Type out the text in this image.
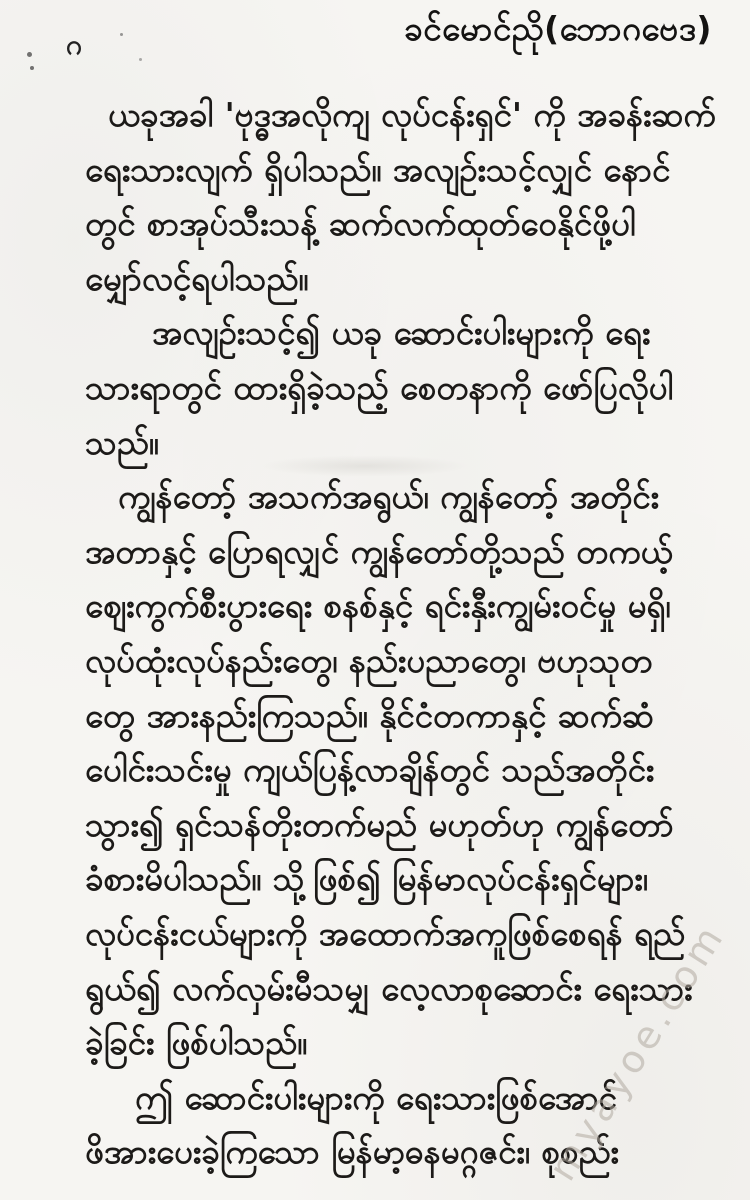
ဂ	ခင်မောင်ညို(ဘောဂဗေဒ)
ယခုအခါ 'ဗုဒ္ဓအလိုကျ လုပ်ငန်းရှင်' ကို အခန်းဆက်
ရေးသားလျက် ရှိပါသည်။ အလျဉ်းသင့်လျှင် နောင်
တွင် စာအုပ်သီးသန့် ဆက်လက်ထုတ်ဝေနိုင်ဖို့ပါ
မျှော်လင့်ရပါသည်။
အလျဉ်းသင့်၍ ယခု ဆောင်းပါးများကို ရေး
သားရာတွင် ထားရှိခဲ့သည့် စေတနာကို ဖော်ပြလိုပါ
သည်။
ကျွန်တော့် အသက်အရွယ်၊ ကျွန်တော့် အတိုင်း
အတာနှင့် ပြောရလျှင် ကျွန်တော်တို့သည် တကယ့်
ဈေးကွက်စီးပွားရေး စနစ်နှင့် ရင်းနှီးကျွမ်းဝင်မှု မရှိ၊
လုပ်ထုံးလုပ်နည်းတွေ၊ နည်းပညာတွေ၊ ဗဟုသုတ
တွေ အားနည်းကြသည်။ နိုင်ငံတကာနှင့် ဆက်ဆံ
ပေါင်းသင်းမှု ကျယ်ပြန့်လာချိန်တွင် သည်အတိုင်း
သွား၍ ရှင်သန်တိုးတက်မည် မဟုတ်ဟု ကျွန်တော်
ခံစားမိပါသည်။ သို့ဖြစ်၍ မြန်မာလုပ်ငန်းရှင်များ၊
လုပ်ငန်းငယ်များကို အထောက်အကူဖြစ်စေရန် ရည်
ရွယ်၍ လက်လှမ်းမီသမျှ လေ့လာစုဆောင်း ရေးသား
ခဲ့ခြင်း ဖြစ်ပါသည်။
ဤ ဆောင်းပါးများကို ရေးသားဖြစ်အောင်
ဖိအားပေးခဲ့ကြသော မြန်မာ့ဓနမဂ္ဂဇင်း၊ စုစည်း
myayoe.com
